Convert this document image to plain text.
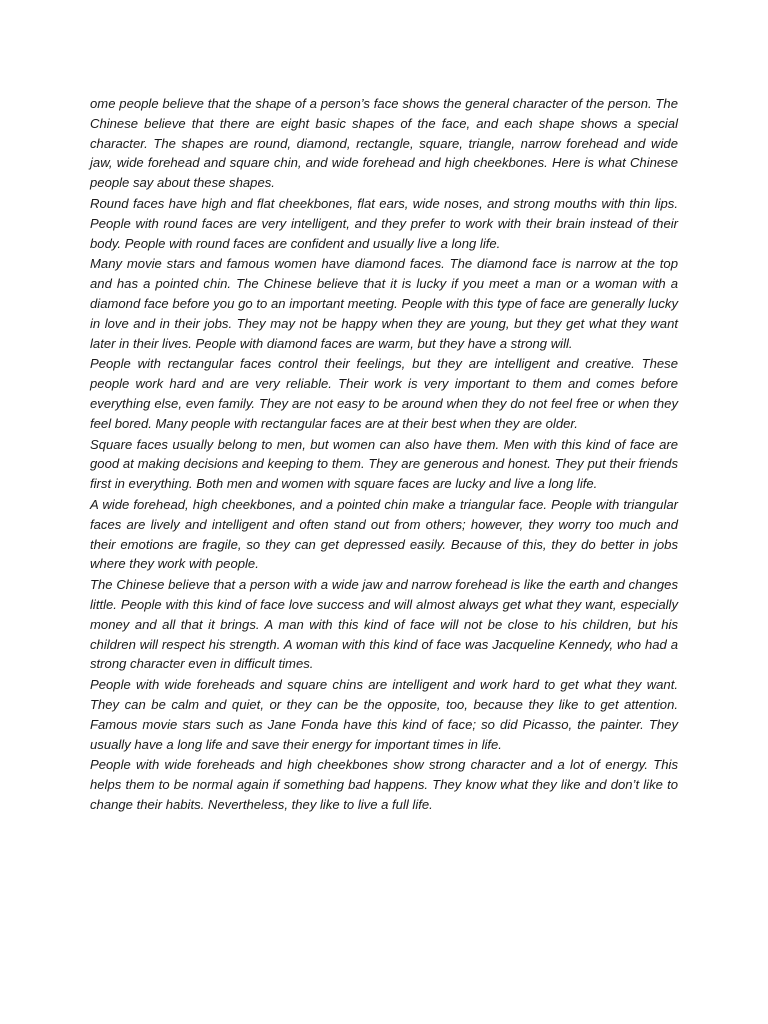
ome people believe that the shape of a person’s face shows the general character of the person. The Chinese believe that there are eight basic shapes of the face, and each shape shows a special character. The shapes are round, diamond, rectangle, square, triangle, narrow forehead and wide jaw, wide forehead and square chin, and wide forehead and high cheekbones. Here is what Chinese people say about these shapes.

Round faces have high and flat cheekbones, flat ears, wide noses, and strong mouths with thin lips. People with round faces are very intelligent, and they prefer to work with their brain instead of their body. People with round faces are confident and usually live a long life.

Many movie stars and famous women have diamond faces. The diamond face is narrow at the top and has a pointed chin. The Chinese believe that it is lucky if you meet a man or a woman with a diamond face before you go to an important meeting. People with this type of face are generally lucky in love and in their jobs. They may not be happy when they are young, but they get what they want later in their lives. People with diamond faces are warm, but they have a strong will.

People with rectangular faces control their feelings, but they are intelligent and creative. These people work hard and are very reliable. Their work is very important to them and comes before everything else, even family. They are not easy to be around when they do not feel free or when they feel bored. Many people with rectangular faces are at their best when they are older.

Square faces usually belong to men, but women can also have them. Men with this kind of face are good at making decisions and keeping to them. They are generous and honest. They put their friends first in everything. Both men and women with square faces are lucky and live a long life.

A wide forehead, high cheekbones, and a pointed chin make a triangular face. People with triangular faces are lively and intelligent and often stand out from others; however, they worry too much and their emotions are fragile, so they can get depressed easily. Because of this, they do better in jobs where they work with people.

The Chinese believe that a person with a wide jaw and narrow forehead is like the earth and changes little. People with this kind of face love success and will almost always get what they want, especially money and all that it brings. A man with this kind of face will not be close to his children, but his children will respect his strength. A woman with this kind of face was Jacqueline Kennedy, who had a strong character even in difficult times.

People with wide foreheads and square chins are intelligent and work hard to get what they want. They can be calm and quiet, or they can be the opposite, too, because they like to get attention. Famous movie stars such as Jane Fonda have this kind of face; so did Picasso, the painter. They usually have a long life and save their energy for important times in life.

People with wide foreheads and high cheekbones show strong character and a lot of energy. This helps them to be normal again if something bad happens. They know what they like and don’t like to change their habits. Nevertheless, they like to live a full life.
